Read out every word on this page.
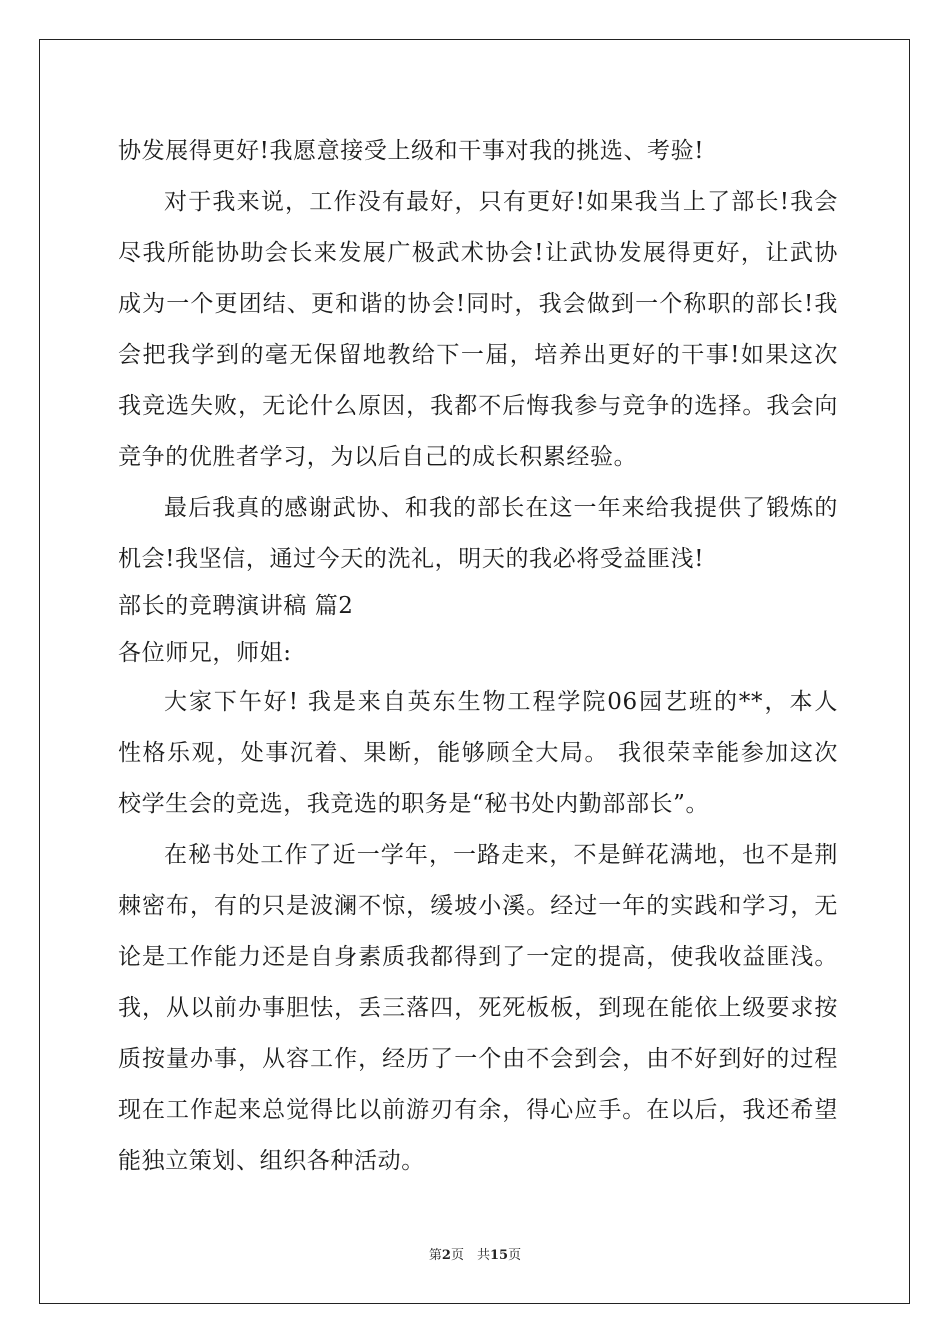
协发展得更好!我愿意接受上级和干事对我的挑选、考验!
对于我来说，工作没有最好，只有更好!如果我当上了部长!我会
尽我所能协助会长来发展广极武术协会!让武协发展得更好，让武协
成为一个更团结、更和谐的协会!同时，我会做到一个称职的部长!我
会把我学到的毫无保留地教给下一届，培养出更好的干事!如果这次
我竞选失败，无论什么原因，我都不后悔我参与竞争的选择。我会向
竞争的优胜者学习，为以后自己的成长积累经验。
最后我真的感谢武协、和我的部长在这一年来给我提供了锻炼的
机会!我坚信，通过今天的洗礼，明天的我必将受益匪浅!
部长的竞聘演讲稿 篇2
各位师兄，师姐:
大家下午好! 我是来自英东生物工程学院06园艺班的**，本人
性格乐观，处事沉着、果断，能够顾全大局。 我很荣幸能参加这次
校学生会的竞选，我竞选的职务是“秘书处内勤部部长”。
在秘书处工作了近一学年，一路走来，不是鲜花满地，也不是荆
棘密布，有的只是波澜不惊，缓坡小溪。经过一年的实践和学习，无
论是工作能力还是自身素质我都得到了一定的提高，使我收益匪浅。
我，从以前办事胆怯，丢三落四，死死板板，到现在能依上级要求按
质按量办事，从容工作，经历了一个由不会到会，由不好到好的过程
现在工作起来总觉得比以前游刃有余，得心应手。在以后，我还希望
能独立策划、组织各种活动。
第2页　共15页
